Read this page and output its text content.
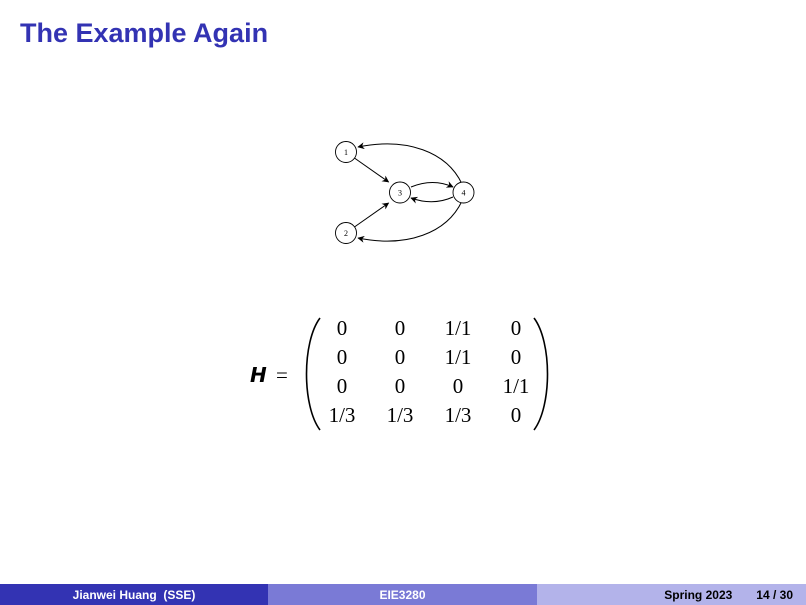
The Example Again
1
2
3	4
H =
0 0 1/1 0
0 0 1/1 0
0 0 0 1/1
1/3 1/3 1/3 0
Jianwei Huang  (SSE)	EIE3280	Spring 2023 14 / 30
